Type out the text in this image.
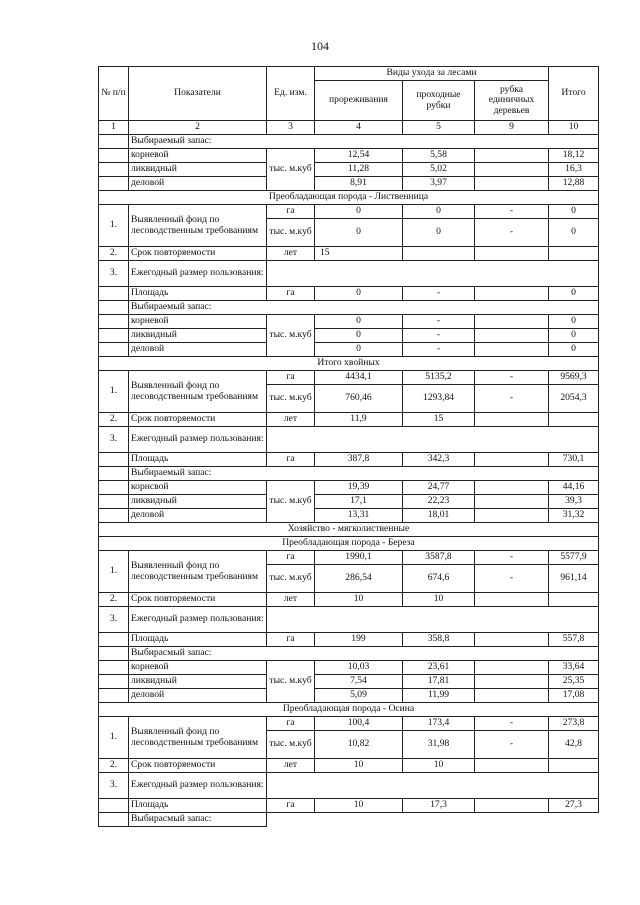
104
№ п/п	Показатели	Ед. изм.	Виды ухода за лесами			Итого
			прореживания	проходные рубки	рубка единичных деревьев	
1	2	3	4	5	9	10
	Выбираемый запас:					
	корневой	тыс. м.куб	12,54	5,58		18,12
	ликвидный		11,28	5,02		16,3
	деловой		8,91	3,97		12,88
Преобладающая порода - Лиственница						
1.	Выявленный фонд по лесоводственным требованиям	га	0	0	-	0
		тыс. м.куб	0	0	-	0

2.	Срок повторяемости	лет	15			
3.	Ежегодный размер пользования:					
	Площадь	га	0	-		0
	Выбираемый запас:					
	корневой	тыс. м.куб	0	-		0
	ликвидный		0	-		0
	деловой		0	-		0
Итого хвойных						
1.	Выявленный фонд по лесоводственным требованиям	га	4434,1	5135,2	-	9569,3
		тыс. м.куб	760,46	1293,84	-	2054,3

2.	Срок повторяемости	лет	11,9	15		
3.	Ежегодный размер пользования:					
	Площадь	га	387,8	342,3		730,1
	Выбираемый запас:					
	корнсвой	тыс. м.куб	19,39	24,77		44,16
	ликвидный		17,1	22,23		39,3
	деловой		13,31	18,01		31,32
Хозяйство - мягколиственные						
Преобладающая порода - Береза						
1.	Выявленный фонд по лесоводственным требованиям	га	1990,1	3587,8	-	5577,9
		тыс. м.куб	286,54	674,6	-	961,14

2.	Срок повторяемости	лет	10	10		
3.	Ежегодный размер пользования:					
	Площадь	га	199	358,8		557,8
	Выбирасмый запас:					
	корневой	тыс. м.куб	10,03	23,61		33,64
	ликвидный		7,54	17,81		25,35
	деловой		5,09	11,99		17,08
Преобладающая порода - Осина						
1.	Выявленный фонд по лесоводственным требованиям	га	100,4	173,4	-	273,8
		тыс. м.куб	10,82	31,98	-	42,8

2.	Срок повторяемости	лет	10	10		
3.	Ежегодный размер пользования:					
	Площадь	га	10	17,3		27,3
	Выбирасмый запас:					
